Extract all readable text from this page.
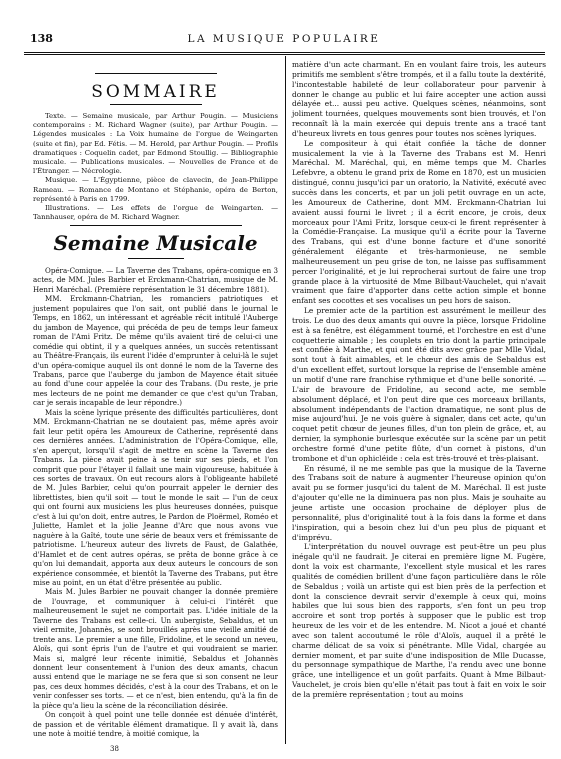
138	LA MUSIQUE POPULAIRE
SOMMAIRE

Texte. — Semaine musicale, par Arthur Pougin. — Musiciens contemporains : M. Richard Wagner (suite), par Arthur Pougin. —Légendes musicales : La Voix humaine de l'orgue de Weingarten (suite et fin), par Ed. Fétis. — M. Herold, par Arthur Pougin. — Profils dramatiques : Coquelin cadet, par Edmond Stoullig. — Bibliographie musicale. — Publications musicales. — Nouvelles de France et de l'Étranger. — Nécrologie.

Musique. — L'Égyptienne, pièce de clavecin, de Jean-Philippe Rameau. — Romance de Montano et Stéphanie, opéra de Berton, représenté à Paris en 1799.

Illustrations. — Les effets de l'orgue de Weingarten. — Tannhauser, opéra de M. Richard Wagner.

Semaine Musicale

Opéra-Comique. — La Taverne des Trabans, opéra-comique en 3 actes, de MM. Jules Barbier et Erckmann-Chatrian, musique de M. Henri Maréchal. (Première représentation le 31 décembre 1881).

MM. Erckmann-Chatrian, les romanciers patriotiques et justement populaires que l'on sait, ont publié dans le journal le Temps, en 1862, un intéressant et agréable récit intitulé l'Auberge du jambon de Mayence, qui précéda de peu de temps leur fameux roman de l'Ami Fritz. De même qu'ils avaient tiré de celui-ci une comédie qui obtint, il y a quelques années, un succès retentissant au Théâtre-Français, ils eurent l'idée d'emprunter à celui-là le sujet d'un opéra-comique auquel ils ont donné le nom de la Taverne des Trabans, parce que l'auberge du jambon de Mayence était située au fond d'une cour appelée la cour des Trabans. (Du reste, je prie mes lecteurs de ne point me demander ce que c'est qu'un Traban, car je serais incapable de leur répondre.)

Mais la scène lyrique présente des difficultés particulières, dont MM. Erckmann-Chatrian ne se doutaient pas, même après avoir fait leur petit opéra les Amoureux de Catherine, représenté dans ces dernières années. L'administration de l'Opéra-Comique, elle, s'en aperçut, lorsqu'il s'agit de mettre en scène la Taverne des Trabans. La pièce avait peine à se tenir sur ses pieds, et l'on comprit que pour l'étayer il fallait une main vigoureuse, habituée à ces sortes de travaux. On eut recours alors à l'obligeante habileté de M. Jules Barbier, celui qu'on pourrait appeler le dernier des librettistes, bien qu'il soit — tout le monde le sait — l'un de ceux qui ont fourni aux musiciens les plus heureuses données, puisque c'est à lui qu'on doit, entre autres, le Pardon de Ploërmel, Roméo et Juliette, Hamlet et la jolie Jeanne d'Arc que nous avons vue naguère à la Gaîté, toute une série de beaux vers et frémissante de patriotisme. L'heureux auteur des livrets de Faust, de Galathée, d'Hamlet et de cent autres opéras, se prêta de bonne grâce à ce qu'on lui demandait, apporta aux deux auteurs le concours de son expérience consommée, et bientôt la Taverne des Trabans, put être mise au point, en un état d'être présentée au public.

Mais M. Jules Barbier ne pouvait changer la donnée première de l'ouvrage, et communiquer à celui-ci l'intérêt que malheureusement le sujet ne comportait pas. L'idée initiale de la Taverne des Trabans est celle-ci. Un aubergiste, Sebaldus, et un vieil ermite, Johannès, se sont brouillés après une vieille amitié de trente ans. Le premier a une fille, Fridoline, et le second un neveu, Aloïs, qui sont épris l'un de l'autre et qui voudraient se marier. Mais si, malgré leur récente inimitié, Sebaldus et Johannès donnent leur consentement à l'union des deux amants, chacun aussi entend que le mariage ne se fera que si son consent ne leur pas, ces deux hommes décidés, c'est à la cour des Trabans, et on le venir confesser ses torts. — et ce n'est, bien entendu, qu'à la fin de la pièce qu'a lieu la scène de la réconciliation désirée.

On conçoit à quel point une telle donnée est dénuée d'intérêt, de passion et de véritable élément dramatique. Il y avait là, dans une note à moitié tendre, à moitié comique, la

matière d'un acte charmant. En en voulant faire trois, les auteurs primitifs me semblent s'être trompés, et il a fallu toute la dextérité, l'incontestable habileté de leur collaborateur pour parvenir à donner le change au public et lui faire accepter une action aussi délayée et... aussi peu active. Quelques scènes, néanmoins, sont joliment tournées, quelques mouvements sont bien trouvés, et l'on reconnaît là la main exercée qui depuis trente ans a tracé tant d'heureux livrets en tous genres pour toutes nos scènes lyriques.

Le compositeur à qui était confiée la tâche de donner musicalement la vie à la Taverne des Trabans est M. Henri Maréchal. M. Maréchal, qui, en même temps que M. Charles Lefebvre, a obtenu le grand prix de Rome en 1870, est un musicien distingué, connu jusqu'ici par un oratorio, la Nativité, exécuté avec succès dans les concerts, et par un joli petit ouvrage en un acte, les Amoureux de Catherine, dont MM. Erckmann-Chatrian lui avaient aussi fourni le livret ; il a écrit encore, je crois, deux morceaux pour l'Ami Fritz, lorsque ceux-ci le firent représenter à la Comédie-Française. La musique qu'il a écrite pour la Taverne des Trabans, qui est d'une bonne facture et d'une sonorité généralement élégante et très-harmonieuse, ne semble malheureusement un peu grise de ton, ne laisse pas suffisamment percer l'originalité, et je lui reprocherai surtout de faire une trop grande place à la virtuosité de Mme Bilbaut-Vauchelet, qui n'avait vraiment que faire d'apporter dans cette action simple et bonne enfant ses cocottes et ses vocalises un peu hors de saison.

Le premier acte de la partition est assurément le meilleur des trois. Le duo des deux amants qui ouvre la pièce, lorsque Fridoline est à sa fenêtre, est élégamment tourné, et l'orchestre en est d'une coquetterie aimable ; les couplets en trio dont la partie principale est confiée à Marthe, et qui ont été dits avec grâce par Mlle Vidal, sont tout à fait aimables, et le chœur des amis de Sebaldus est d'un excellent effet, surtout lorsque la reprise de l'ensemble amène un motif d'une rare franchise rythmique et d'une belle sonorité. — L'air de bravoure de Fridoline, au second acte, me semble absolument déplacé, et l'on peut dire que ces morceaux brillants, absolument indépendants de l'action dramatique, ne sont plus de mise aujourd'hui. Je ne vois guère à signaler, dans cet acte, qu'un coquet petit chœur de jeunes filles, d'un ton plein de grâce, et, au dernier, la symphonie burlesque exécutée sur la scène par un petit orchestre formé d'une petite flûte, d'un cornet à pistons, d'un trombone et d'un ophicléide : cela est très-trouvé et très-plaisant.

En résumé, il ne me semble pas que la musique de la Taverne des Trabans soit de nature à augmenter l'heureuse opinion qu'on avait pu se former jusqu'ici du talent de M. Maréchal. Il est juste d'ajouter qu'elle ne la diminuera pas non plus. Mais je souhaite au jeune artiste une occasion prochaine de déployer plus de personnalité, plus d'originalité tout à la fois dans la forme et dans l'inspiration, qui a besoin chez lui d'un peu plus de piquant et d'imprévu.

L'interprétation du nouvel ouvrage est peut-être un peu plus inégale qu'il ne faudrait. Je citerai en première ligne M. Fugère, dont la voix est charmante, l'excellent style musical et les rares qualités de comédien brillent d'une façon particulière dans le rôle de Sebaldus ; voilà un artiste qui est bien près de la perfection et dont la conscience devrait servir d'exemple à ceux qui, moins habiles que lui sous bien des rapports, s'en font un peu trop accroire et sont trop portés à supposer que le public est trop heureux de les voir et de les entendre. M. Nicot a joué et chanté avec son talent accoutumé le rôle d'Aloïs, auquel il a prêté le charme délicat de sa voix si pénétrante. Mlle Vidal, chargée au dernier moment, et par suite d'une indisposition de Mlle Ducasse, du personnage sympathique de Marthe, l'a rendu avec une bonne grâce, une intelligence et un goût parfaits. Quant à Mme Bilbaut-Vauchelet, je crois bien qu'elle n'était pas tout à fait en voix le soir de la première représentation ; tout au moins

38
